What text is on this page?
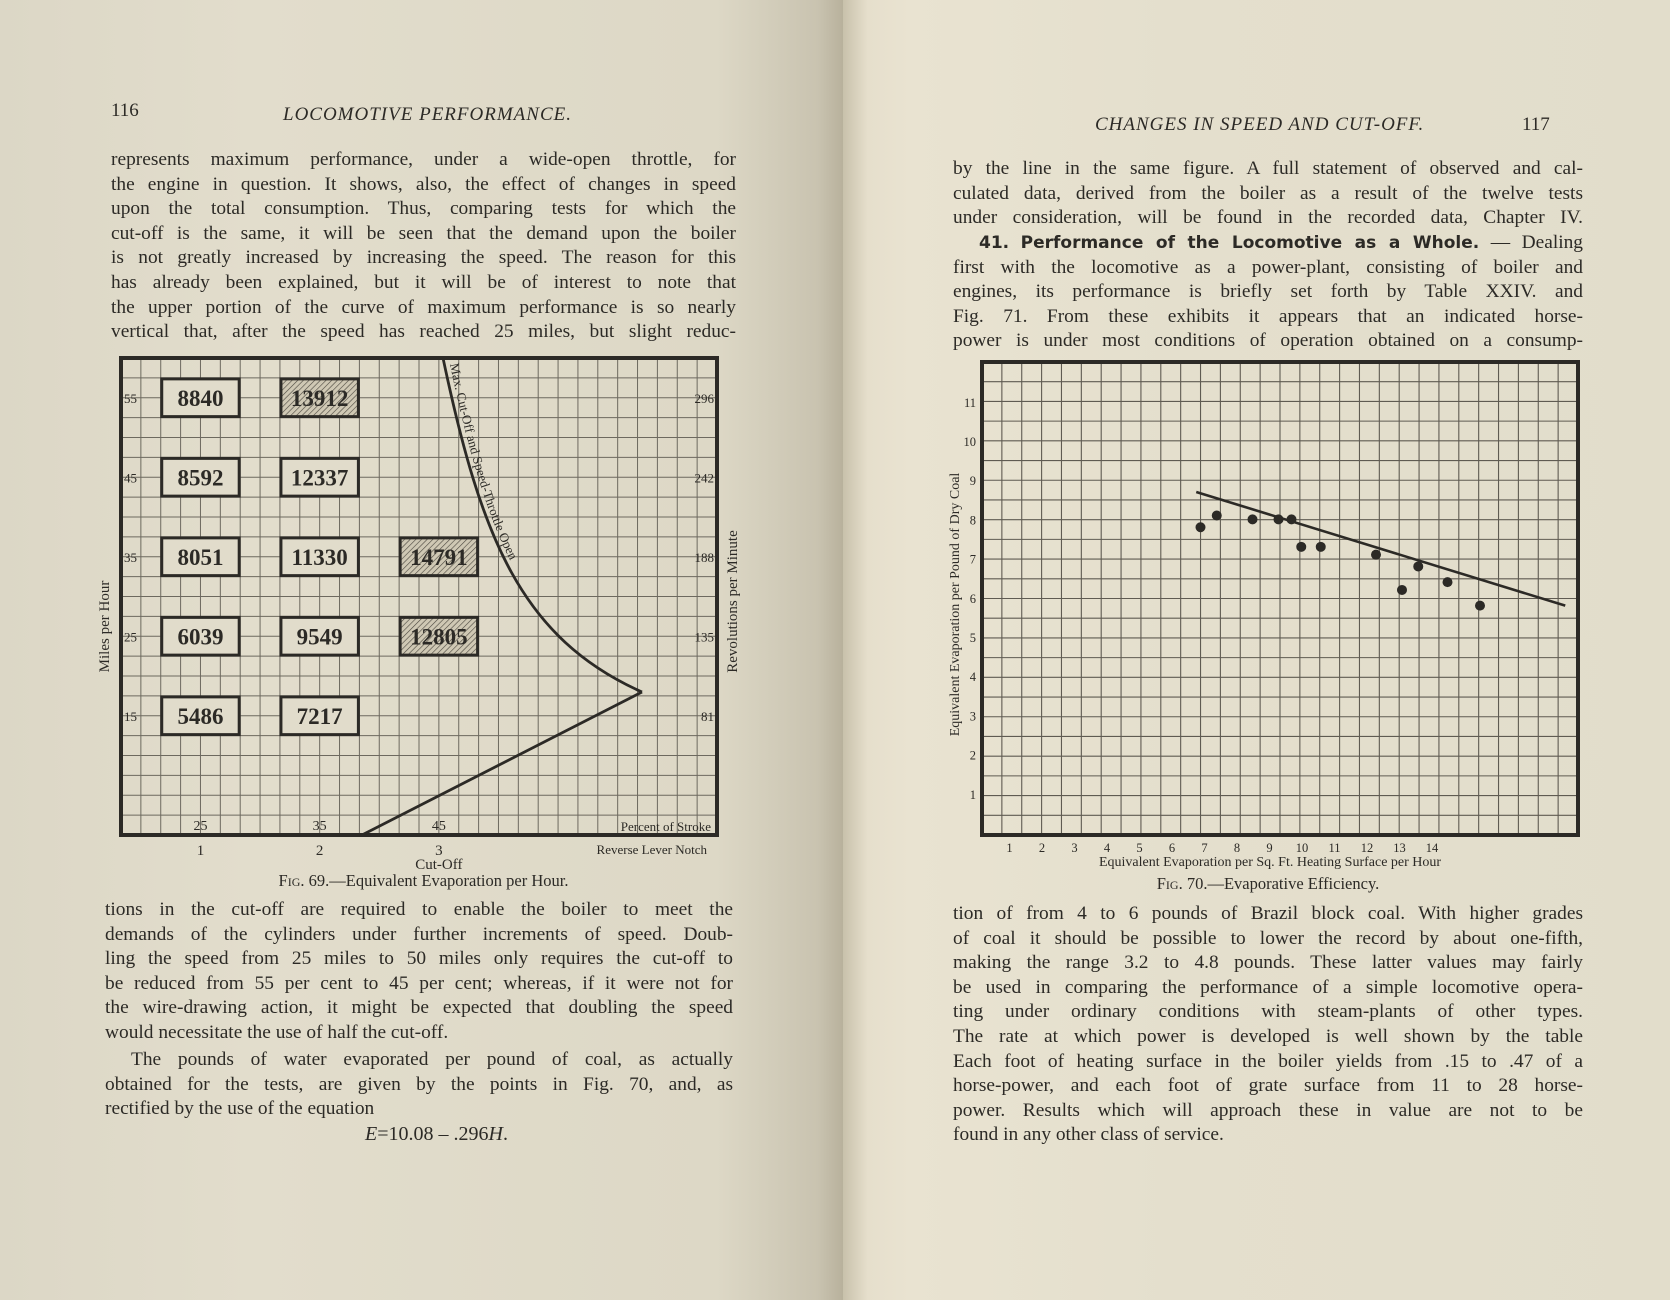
116	LOCOMOTIVE PERFORMANCE.
represents maximum performance, under a wide-open throttle, for
the engine in question. It shows, also, the effect of changes in speed
upon the total consumption. Thus, comparing tests for which the
cut-off is the same, it will be seen that the demand upon the boiler
is not greatly increased by increasing the speed. The reason for this
has already been explained, but it will be of interest to note that
the upper portion of the curve of maximum performance is so nearly
vertical that, after the speed has reached 25 miles, but slight reduc-
55	296
45	242
35	188
25	135
15	81
8840	13912
8592	12337
8051	11330	14791
6039	9549	12805
5486	7217
25	35	45
1	2	3
Percent of Stroke
Reverse Lever Notch
Cut-Off
Miles per Hour	Revolutions per Minute
Max. Cut-Off and Speed-Throttle Open
Fig. 69.—Equivalent Evaporation per Hour.
tions in the cut-off are required to enable the boiler to meet the
demands of the cylinders under further increments of speed. Doub-
ling the speed from 25 miles to 50 miles only requires the cut-off to
be reduced from 55 per cent to 45 per cent; whereas, if it were not for
the wire-drawing action, it might be expected that doubling the speed
would necessitate the use of half the cut-off.
The pounds of water evaporated per pound of coal, as actually
obtained for the tests, are given by the points in Fig. 70, and, as
rectified by the use of the equation
E=10.08 – .296H.
CHANGES IN SPEED AND CUT-OFF.	117
by the line in the same figure. A full statement of observed and cal-
culated data, derived from the boiler as a result of the twelve tests
under consideration, will be found in the recorded data, Chapter IV.
41. Performance of the Locomotive as a Whole. — Dealing
first with the locomotive as a power-plant, consisting of boiler and
engines, its performance is briefly set forth by Table XXIV. and
Fig. 71. From these exhibits it appears that an indicated horse-
power is under most conditions of operation obtained on a consump-
1
2
3
4
5
6
7
8
9
10
11
1 2 3 4 5 6 7 8 9 10 11 12 13 14
Equivalent Evaporation per Sq. Ft. Heating Surface per Hour
Equivalent Evaporation per Pound of Dry Coal
Fig. 70.—Evaporative Efficiency.
tion of from 4 to 6 pounds of Brazil block coal. With higher grades
of coal it should be possible to lower the record by about one-fifth,
making the range 3.2 to 4.8 pounds. These latter values may fairly
be used in comparing the performance of a simple locomotive opera-
ting under ordinary conditions with steam-plants of other types.
The rate at which power is developed is well shown by the table
Each foot of heating surface in the boiler yields from .15 to .47 of a
horse-power, and each foot of grate surface from 11 to 28 horse-
power. Results which will approach these in value are not to be
found in any other class of service.
